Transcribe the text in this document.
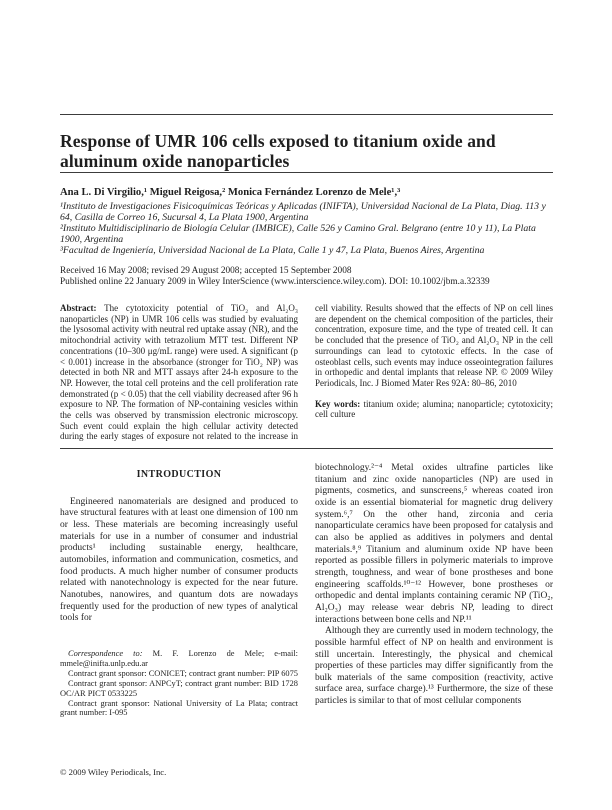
Response of UMR 106 cells exposed to titanium oxide and aluminum oxide nanoparticles
Ana L. Di Virgilio,¹ Miguel Reigosa,² Monica Fernández Lorenzo de Mele¹,³
¹Instituto de Investigaciones Fisicoquímicas Teóricas y Aplicadas (INIFTA), Universidad Nacional de La Plata, Diag. 113 y 64, Casilla de Correo 16, Sucursal 4, La Plata 1900, Argentina
²Instituto Multidisciplinario de Biología Celular (IMBICE), Calle 526 y Camino Gral. Belgrano (entre 10 y 11), La Plata 1900, Argentina
³Facultad de Ingeniería, Universidad Nacional de La Plata, Calle 1 y 47, La Plata, Buenos Aires, Argentina
Received 16 May 2008; revised 29 August 2008; accepted 15 September 2008
Published online 22 January 2009 in Wiley InterScience (www.interscience.wiley.com). DOI: 10.1002/jbm.a.32339

Abstract: The cytotoxicity potential of TiO₂ and Al₂O₃ nanoparticles (NP) in UMR 106 cells was studied by evaluating the lysosomal activity with neutral red uptake assay (NR), and the mitochondrial activity with tetrazolium MTT test. Different NP concentrations (10–300 μg/mL range) were used. A significant (p < 0.001) increase in the absorbance (stronger for TiO₂ NP) was detected in both NR and MTT assays after 24-h exposure to the NP. However, the total cell proteins and the cell proliferation rate demonstrated (p < 0.05) that the cell viability decreased after 96 h exposure to NP. The formation of NP-containing vesicles within the cells was observed by transmission electronic microscopy. Such event could explain the high cellular activity detected during the early stages of exposure not related to the increase in cell viability. Results showed that the effects of NP on cell lines are dependent on the chemical composition of the particles, their concentration, exposure time, and the type of treated cell. It can be concluded that the presence of TiO₂ and Al₂O₃ NP in the cell surroundings can lead to cytotoxic effects. In the case of osteoblast cells, such events may induce osseointegration failures in orthopedic and dental implants that release NP. © 2009 Wiley Periodicals, Inc. J Biomed Mater Res 92A: 80–86, 2010

Key words: titanium oxide; alumina; nanoparticle; cytotoxicity; cell culture

INTRODUCTION

Engineered nanomaterials are designed and produced to have structural features with at least one dimension of 100 nm or less. These materials are becoming increasingly useful materials for use in a number of consumer and industrial products¹ including sustainable energy, healthcare, automobiles, information and communication, cosmetics, and food products. A much higher number of consumer products related with nanotechnology is expected for the near future. Nanotubes, nanowires, and quantum dots are nowadays frequently used for the production of new types of analytical tools for

biotechnology.²⁻⁴ Metal oxides ultrafine particles like titanium and zinc oxide nanoparticles (NP) are used in pigments, cosmetics, and sunscreens,⁵ whereas coated iron oxide is an essential biomaterial for magnetic drug delivery system.⁶,⁷ On the other hand, zirconia and ceria nanoparticulate ceramics have been proposed for catalysis and can also be applied as additives in polymers and dental materials.⁸,⁹ Titanium and aluminum oxide NP have been reported as possible fillers in polymeric materials to improve strength, toughness, and wear of bone prostheses and bone engineering scaffolds.¹⁰⁻¹² However, bone prostheses or orthopedic and dental implants containing ceramic NP (TiO₂, Al₂O₃) may release wear debris NP, leading to direct interactions between bone cells and NP.¹¹

Although they are currently used in modern technology, the possible harmful effect of NP on health and environment is still uncertain. Interestingly, the physical and chemical properties of these particles may differ significantly from the bulk materials of the same composition (reactivity, active surface area, surface charge).¹³ Furthermore, the size of these particles is similar to that of most cellular components

Correspondence to: M. F. Lorenzo de Mele; e-mail: mmele@inifta.unlp.edu.ar

Contract grant sponsor: CONICET; contract grant number: PIP 6075

Contract grant sponsor: ANPCyT; contract grant number: BID 1728 OC/AR PICT 0533225

Contract grant sponsor: National University of La Plata; contract grant number: I-095

© 2009 Wiley Periodicals, Inc.
